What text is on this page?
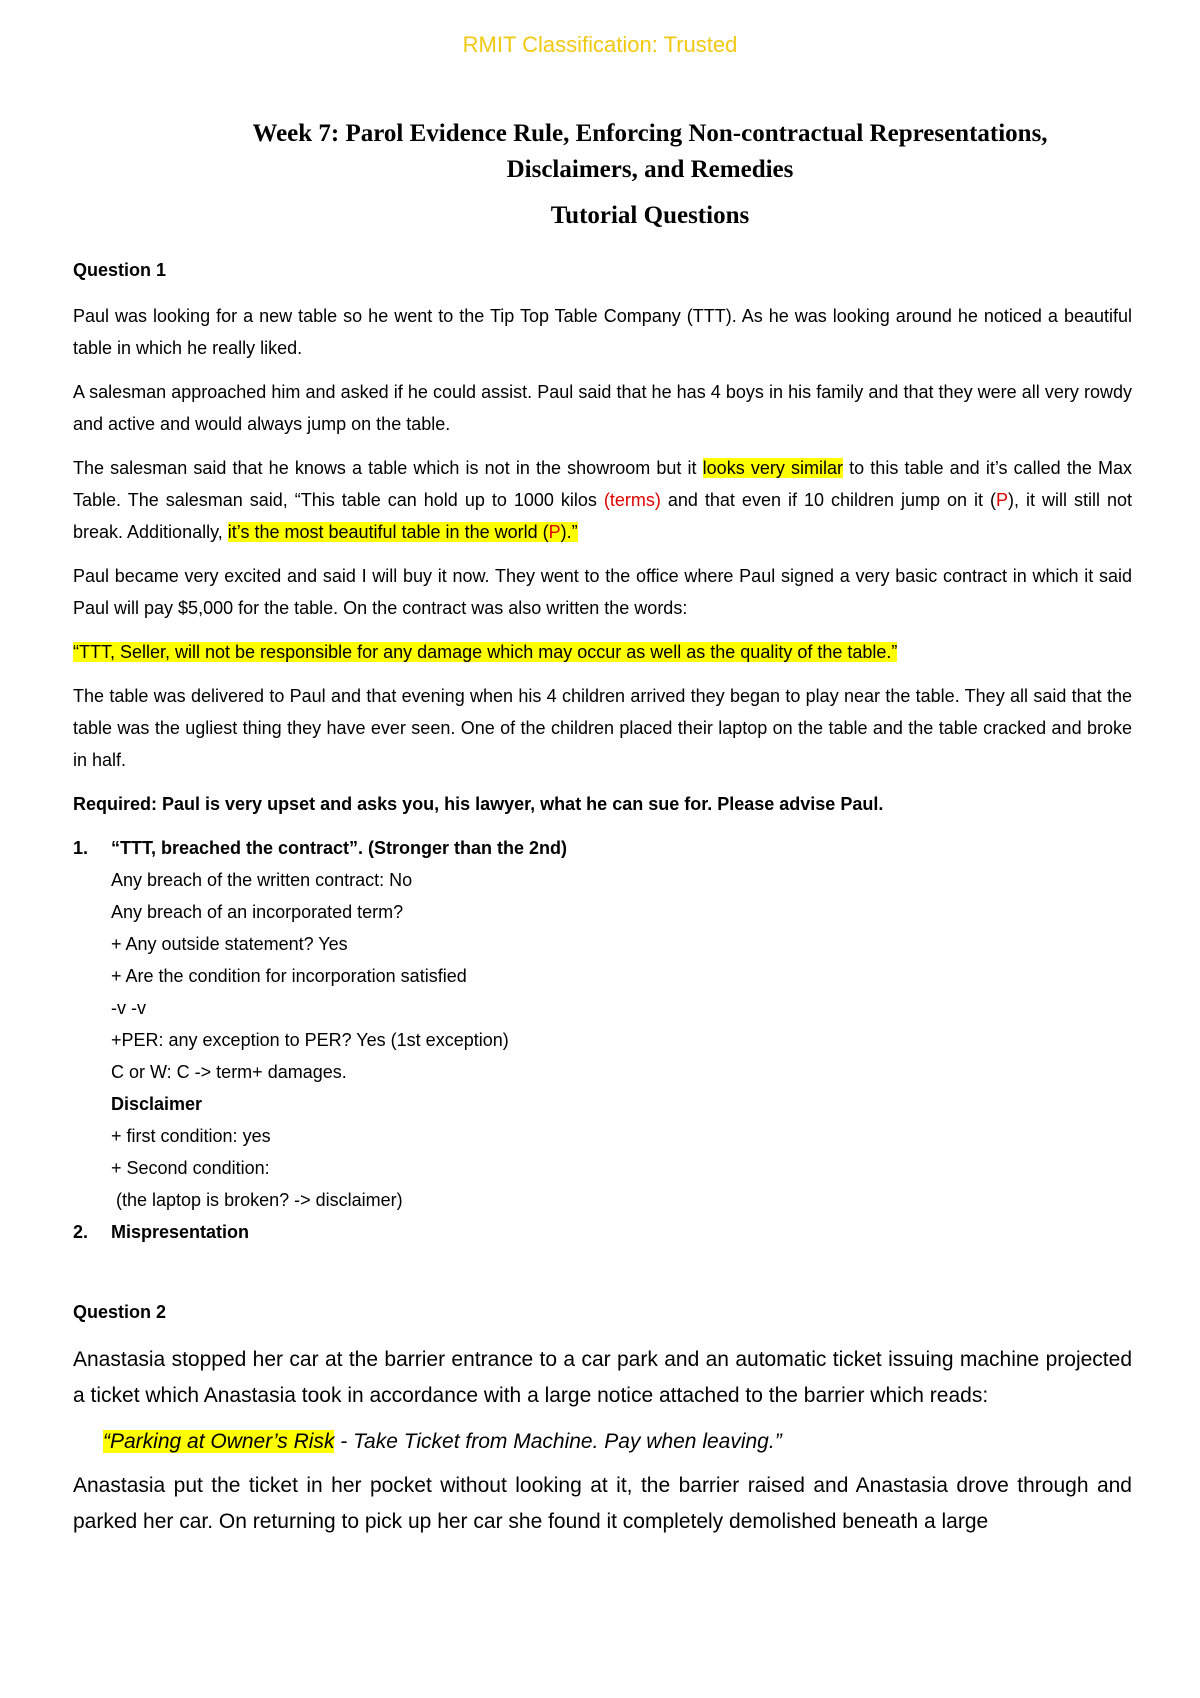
RMIT Classification: Trusted
Week 7: Parol Evidence Rule, Enforcing Non-contractual Representations,
Disclaimers, and Remedies
Tutorial Questions

Question 1

Paul was looking for a new table so he went to the Tip Top Table Company (TTT). As he was looking around he noticed a beautiful table in which he really liked.

A salesman approached him and asked if he could assist. Paul said that he has 4 boys in his family and that they were all very rowdy and active and would always jump on the table.

The salesman said that he knows a table which is not in the showroom but it looks very similar to this table and it’s called the Max Table. The salesman said, “This table can hold up to 1000 kilos (terms) and that even if 10 children jump on it (P), it will still not break. Additionally, it’s the most beautiful table in the world (P).”

Paul became very excited and said I will buy it now. They went to the office where Paul signed a very basic contract in which it said Paul will pay $5,000 for the table. On the contract was also written the words:

“TTT, Seller, will not be responsible for any damage which may occur as well as the quality of the table.”

The table was delivered to Paul and that evening when his 4 children arrived they began to play near the table. They all said that the table was the ugliest thing they have ever seen. One of the children placed their laptop on the table and the table cracked and broke in half.

Required: Paul is very upset and asks you, his lawyer, what he can sue for. Please advise Paul.

1. “TTT, breached the contract”. (Stronger than the 2nd)
Any breach of the written contract: No
Any breach of an incorporated term?
+ Any outside statement? Yes
+ Are the condition for incorporation satisfied
-v -v
+PER: any exception to PER? Yes (1st exception)
C or W: C -> term+ damages.
Disclaimer
+ first condition: yes
+ Second condition:
(the laptop is broken? -> disclaimer)
2. Mispresentation

Question 2

Anastasia stopped her car at the barrier entrance to a car park and an automatic ticket issuing machine projected a ticket which Anastasia took in accordance with a large notice attached to the barrier which reads:

“Parking at Owner’s Risk - Take Ticket from Machine. Pay when leaving.”

Anastasia put the ticket in her pocket without looking at it, the barrier raised and Anastasia drove through and parked her car. On returning to pick up her car she found it completely demolished beneath a large
